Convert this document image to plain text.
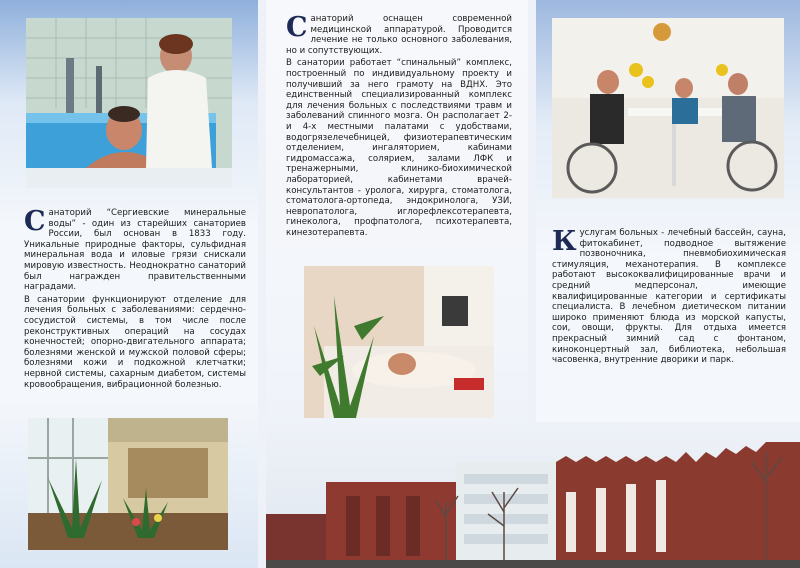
Санаторий “Сергиевские минеральные воды” - один из старейших санаториев России, был основан в 1833 году. Уникальные природные факторы, сульфидная минеральная вода и иловые грязи снискали мировую известность. Неоднократно санаторий был награжден правительственными наградами.

В санатории функционируют отделение для лечения больных с заболеваниями: сердечно-сосудистой системы, в том числе после реконструктивных операций на сосудах конечностей; опорно-двигательного аппарата; болезнями женской и мужской половой сферы; болезнями кожи и подкожной клетчатки; нервной системы, сахарным диабетом, системы кровообращения, вибрационной болезнью.

Санаторий оснащен современной медицинской аппаратурой. Проводится лечение не только основного заболевания, но и сопутствующих.

В санатории работает “спинальный” комплекс, построенный по индивидуальному проекту и получивший за него грамоту на ВДНХ. Это единственный специализированный комплекс для лечения больных с последствиями травм и заболеваний спинного мозга. Он располагает 2- и 4-х местными палатами с удобствами, водогрязелечебницей, физиотерапевтическим отделением, ингаляторием, кабинами гидромассажа, соляриeм, залами ЛФК и тренажерными, клинико-биохимической лабораторией, кабинетами врачей-консультантов - уролога, хирурга, стоматолога, стоматолога-ортопеда, эндокринолога, УЗИ, невропатолога, иглорефлексотерапевта, гинеколога, профпатолога, психотерапевта, кинезотерапевта.	Куслугам больных - лечебный бассейн, сауна, фитокабинет, подводное вытяжение позвоночника, пневмобиохимическая стимуляция, механотерапия. В комплексе работают высококвалифицированные врачи и средний медперсонал, имеющие квалифицированные категории и сертификаты специалиста. В лечебном диетическом питании широко применяют блюда из морской капусты, сои, овощи, фрукты. Для отдыха имеется прекрасный зимний сад с фонтаном, киноконцертный зал, библиотека, небольшая часовенка, внутренние дворики и парк.
